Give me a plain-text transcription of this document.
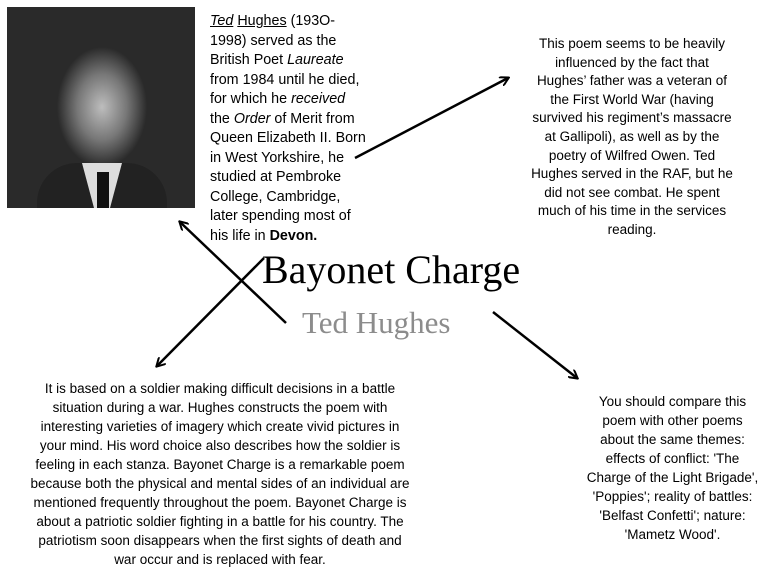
Ted Hughes (193O-
1998) served as the
British Poet Laureate
from 1984 until he died,
for which he received
the Order of Merit from
Queen Elizabeth II. Born
in West Yorkshire, he
studied at Pembroke
College, Cambridge,
later spending most of
his life in Devon.
This poem seems to be heavily
influenced by the fact that
Hughes’ father was a veteran of
the First World War (having
survived his regiment’s massacre
at Gallipoli), as well as by the
poetry of Wilfred Owen. Ted
Hughes served in the RAF, but he
did not see combat. He spent
much of his time in the services
reading.
It is based on a soldier making difficult decisions in a battle
situation during a war. Hughes constructs the poem with
interesting varieties of imagery which create vivid pictures in
your mind. His word choice also describes how the soldier is
feeling in each stanza. Bayonet Charge is a remarkable poem
because both the physical and mental sides of an individual are
mentioned frequently throughout the poem. Bayonet Charge is
about a patriotic soldier fighting in a battle for his country. The
patriotism soon disappears when the first sights of death and
war occur and is replaced with fear.
You should compare this
poem with other poems
about the same themes:
effects of conflict: 'The
Charge of the Light Brigade',
'Poppies'; reality of battles:
'Belfast Confetti'; nature:
'Mametz Wood'.
Bayonet Charge
Ted Hughes
